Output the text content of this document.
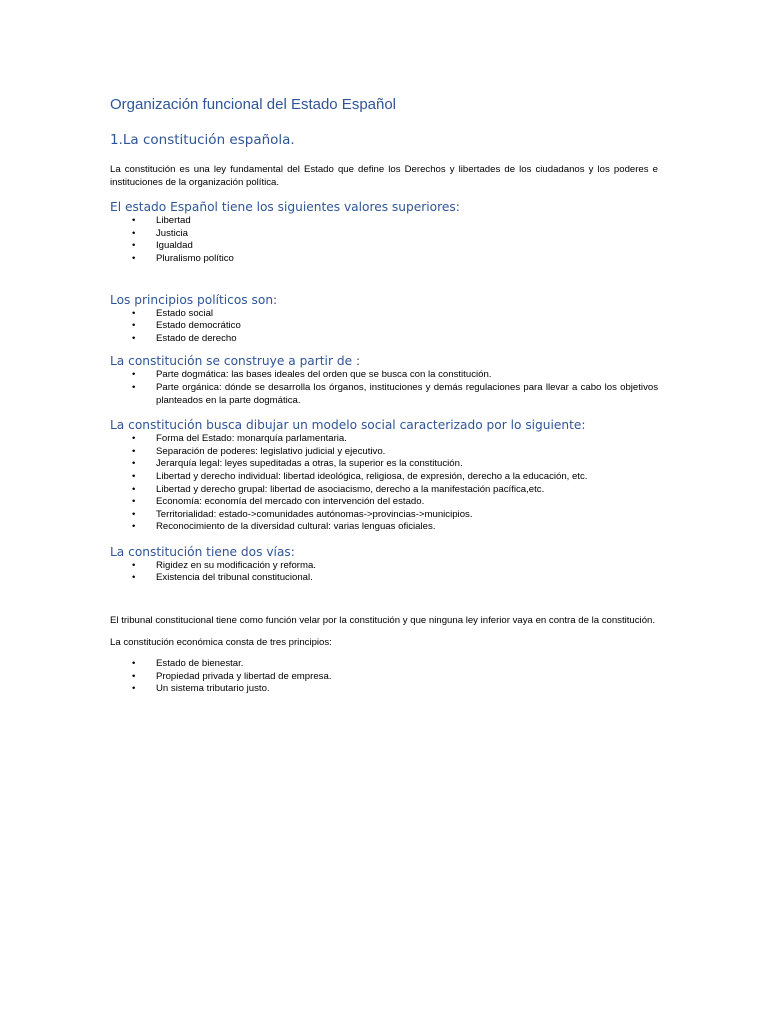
Organización funcional del Estado Español
1.La constitución española.

La constitución es una ley fundamental del Estado que define los Derechos y libertades de los ciudadanos y los poderes e instituciones de la organización política.

El estado Español tiene los siguientes valores superiores:
• Libertad
• Justicia
• Igualdad
• Pluralismo político
Los principios políticos son:
• Estado social
• Estado democrático
• Estado de derecho
La constitución se construye a partir de :
• Parte dogmática: las bases ideales del orden que se busca con la constitución.
• Parte orgánica: dónde se desarrolla los órganos, instituciones y demás regulaciones para llevar a cabo los objetivos planteados en la parte dogmática.
La constitución busca dibujar un modelo social caracterizado por lo siguiente:
• Forma del Estado: monarquía parlamentaria.
• Separación de poderes: legislativo judicial y ejecutivo.
• Jerarquía legal: leyes supeditadas a otras, la superior es la constitución.
• Libertad y derecho individual: libertad ideológica, religiosa, de expresión, derecho a la educación, etc.
• Libertad y derecho grupal: libertad de asociacismo, derecho a la manifestación pacífica,etc.
• Economía: economía del mercado con intervención del estado.
• Territorialidad: estado->comunidades autónomas->provincias->municipios.
• Reconocimiento de la diversidad cultural: varias lenguas oficiales.
La constitución tiene dos vías:
• Rigidez en su modificación y reforma.
• Existencia del tribunal constitucional.

El tribunal constitucional tiene como función velar por la constitución y que ninguna ley inferior vaya en contra de la constitución.

La constitución económica consta de tres principios:

• Estado de bienestar.
• Propiedad privada y libertad de empresa.
• Un sistema tributario justo.
